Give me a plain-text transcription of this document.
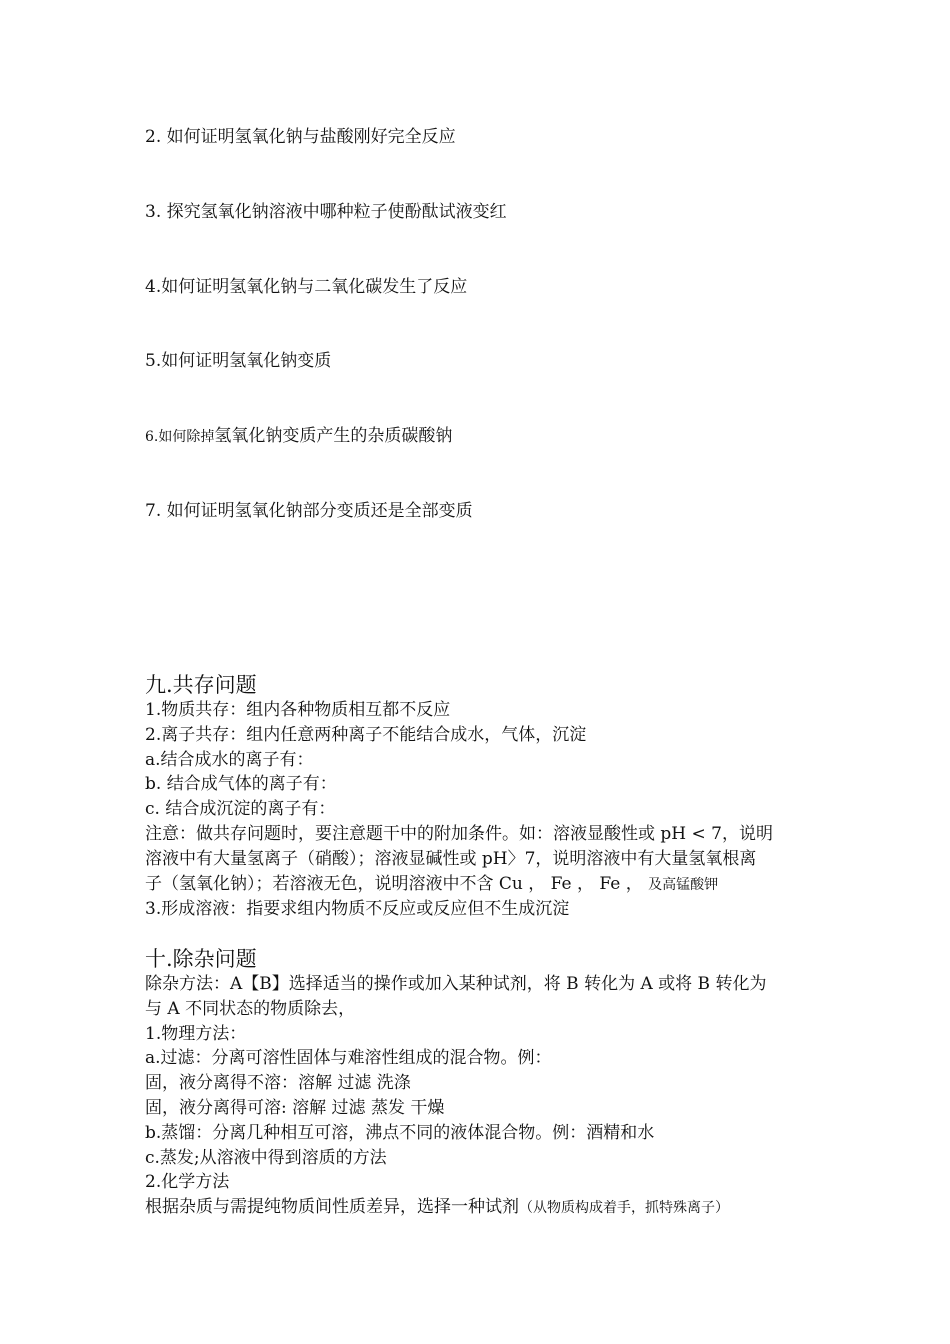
2. 如何证明氢氧化钠与盐酸刚好完全反应
3. 探究氢氧化钠溶液中哪种粒子使酚酞试液变红
4.如何证明氢氧化钠与二氧化碳发生了反应
5.如何证明氢氧化钠变质
6.如何除掉氢氧化钠变质产生的杂质碳酸钠
7. 如何证明氢氧化钠部分变质还是全部变质

九.共存问题

1.物质共存：组内各种物质相互都不反应

2.离子共存：组内任意两种离子不能结合成水，气体，沉淀

a.结合成水的离子有：

b. 结合成气体的离子有：

c. 结合成沉淀的离子有：

注意：做共存问题时，要注意题干中的附加条件。如：溶液显酸性或 pH < 7，说明

溶液中有大量氢离子（硝酸）；溶液显碱性或 pH〉7，说明溶液中有大量氢氧根离

子（氢氧化钠）；若溶液无色，说明溶液中不含 Cu ， Fe ， Fe ， 及高锰酸钾

3.形成溶液：指要求组内物质不反应或反应但不生成沉淀

十.除杂问题

除杂方法：A【B】选择适当的操作或加入某种试剂，将 B 转化为 A 或将 B 转化为

与 A 不同状态的物质除去，

1.物理方法：

a.过滤：分离可溶性固体与难溶性组成的混合物。例：

固，液分离得不溶：溶解 过滤 洗涤

固，液分离得可溶: 溶解 过滤 蒸发 干燥

b.蒸馏：分离几种相互可溶，沸点不同的液体混合物。例：酒精和水

c.蒸发;从溶液中得到溶质的方法

2.化学方法

根据杂质与需提纯物质间性质差异，选择一种试剂（从物质构成着手，抓特殊离子）
